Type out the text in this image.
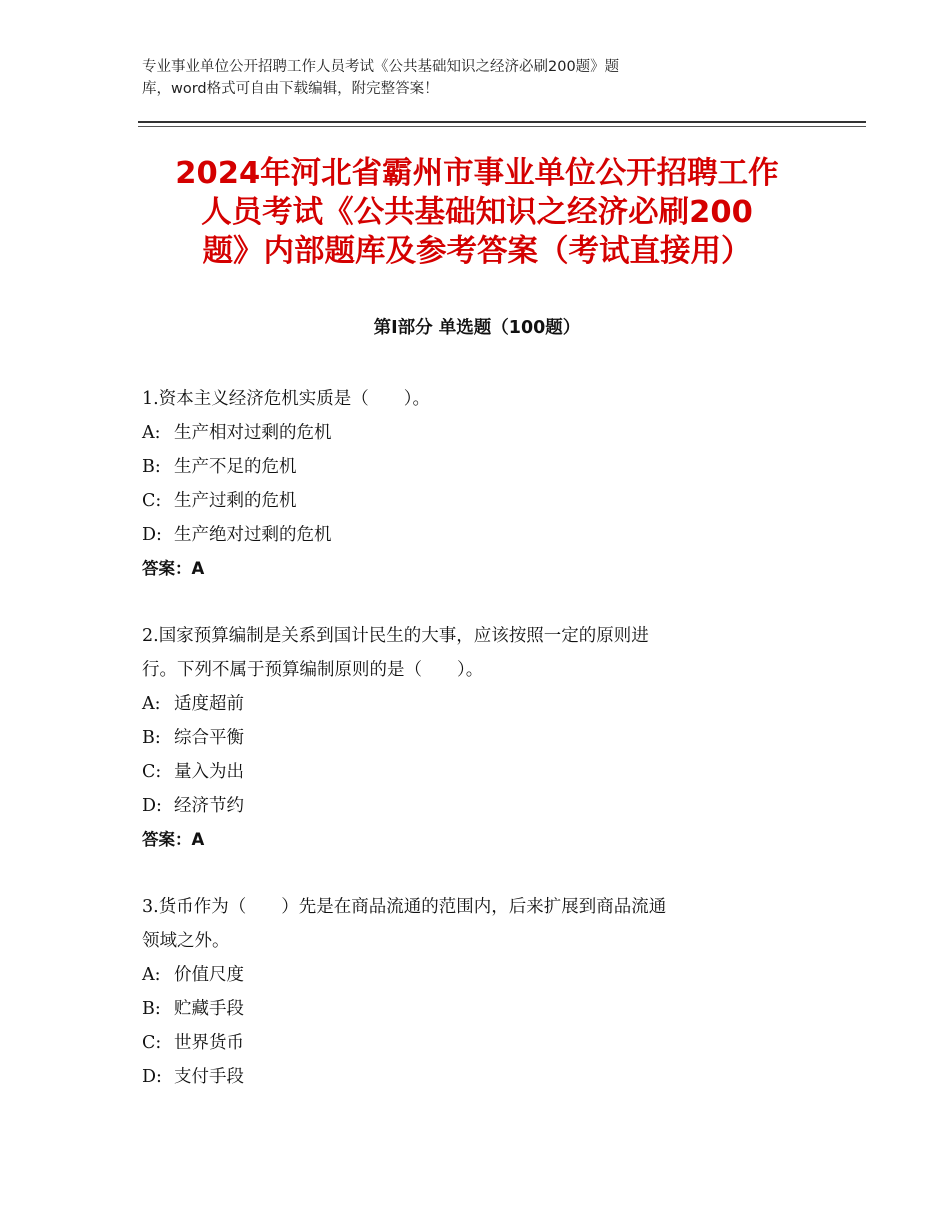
专业事业单位公开招聘工作人员考试《公共基础知识之经济必刷200题》题
库，word格式可自由下载编辑，附完整答案！
2024年河北省霸州市事业单位公开招聘工作
人员考试《公共基础知识之经济必刷200
题》内部题库及参考答案（考试直接用）
第Ⅰ部分 单选题（100题）
1.资本主义经济危机实质是（　　）。
A: 生产相对过剩的危机
B: 生产不足的危机
C: 生产过剩的危机
D: 生产绝对过剩的危机
答案：A
2.国家预算编制是关系到国计民生的大事，应该按照一定的原则进
行。下列不属于预算编制原则的是（　　）。
A: 适度超前
B: 综合平衡
C: 量入为出
D: 经济节约
答案：A
3.货币作为（　　）先是在商品流通的范围内，后来扩展到商品流通
领域之外。
A: 价值尺度
B: 贮藏手段
C: 世界货币
D: 支付手段
